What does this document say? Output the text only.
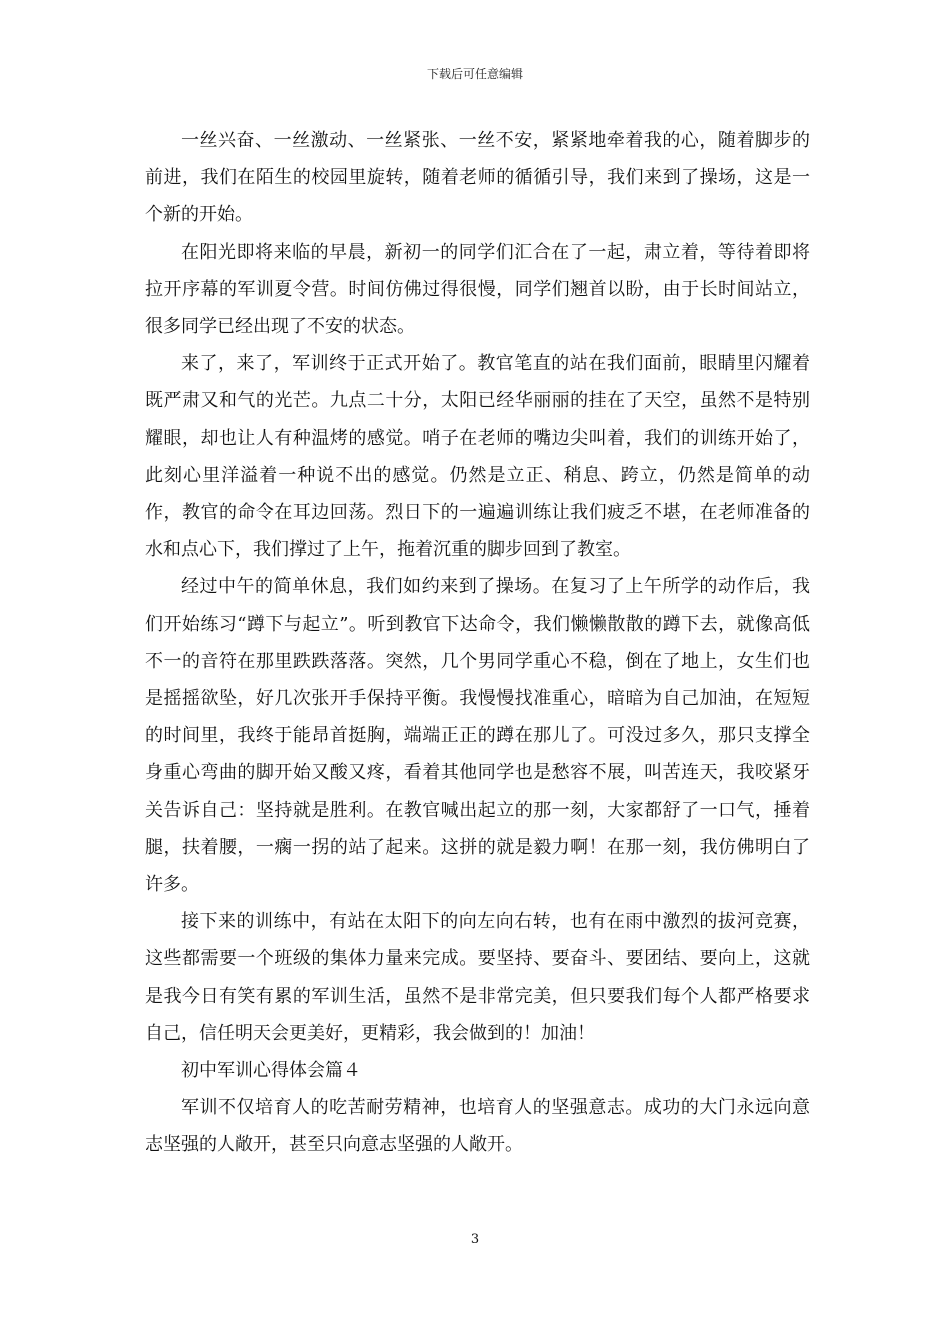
下载后可任意编辑

一丝兴奋、一丝激动、一丝紧张、一丝不安，紧紧地牵着我的心，随着脚步的前进，我们在陌生的校园里旋转，随着老师的循循引导，我们来到了操场，这是一个新的开始。

在阳光即将来临的早晨，新初一的同学们汇合在了一起，肃立着，等待着即将拉开序幕的军训夏令营。时间仿佛过得很慢，同学们翘首以盼，由于长时间站立，很多同学已经出现了不安的状态。

来了，来了，军训终于正式开始了。教官笔直的站在我们面前，眼睛里闪耀着既严肃又和气的光芒。九点二十分，太阳已经华丽丽的挂在了天空，虽然不是特别耀眼，却也让人有种温烤的感觉。哨子在老师的嘴边尖叫着，我们的训练开始了，此刻心里洋溢着一种说不出的感觉。仍然是立正、稍息、跨立，仍然是简单的动作，教官的命令在耳边回荡。烈日下的一遍遍训练让我们疲乏不堪，在老师准备的水和点心下，我们撑过了上午，拖着沉重的脚步回到了教室。

经过中午的简单休息，我们如约来到了操场。在复习了上午所学的动作后，我们开始练习“蹲下与起立”。听到教官下达命令，我们懒懒散散的蹲下去，就像高低不一的音符在那里跌跌落落。突然，几个男同学重心不稳，倒在了地上，女生们也是摇摇欲坠，好几次张开手保持平衡。我慢慢找准重心，暗暗为自己加油，在短短的时间里，我终于能昂首挺胸，端端正正的蹲在那儿了。可没过多久，那只支撑全身重心弯曲的脚开始又酸又疼，看着其他同学也是愁容不展，叫苦连天，我咬紧牙关告诉自己：坚持就是胜利。在教官喊出起立的那一刻，大家都舒了一口气，捶着腿，扶着腰，一瘸一拐的站了起来。这拼的就是毅力啊！在那一刻，我仿佛明白了许多。

接下来的训练中，有站在太阳下的向左向右转，也有在雨中激烈的拔河竞赛，这些都需要一个班级的集体力量来完成。要坚持、要奋斗、要团结、要向上，这就是我今日有笑有累的军训生活，虽然不是非常完美，但只要我们每个人都严格要求自己，信任明天会更美好，更精彩，我会做到的！加油！

初中军训心得体会篇４

军训不仅培育人的吃苦耐劳精神，也培育人的坚强意志。成功的大门永远向意志坚强的人敞开，甚至只向意志坚强的人敞开。

3
